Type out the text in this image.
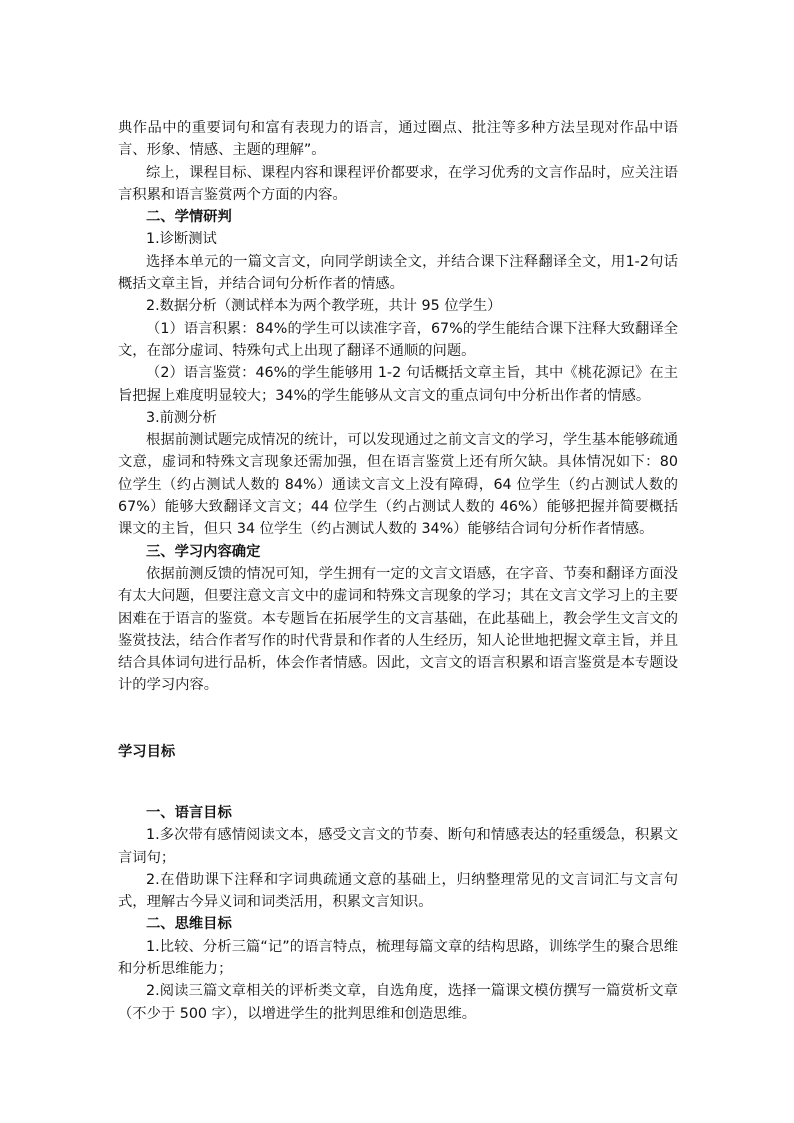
典作品中的重要词句和富有表现力的语言，通过圈点、批注等多种方法呈现对作品中语言、形象、情感、主题的理解”。

综上，课程目标、课程内容和课程评价都要求，在学习优秀的文言作品时，应关注语言积累和语言鉴赏两个方面的内容。

二、学情研判

1.诊断测试

选择本单元的一篇文言文，向同学朗读全文，并结合课下注释翻译全文，用1-2句话概括文章主旨，并结合词句分析作者的情感。

2.数据分析（测试样本为两个教学班，共计 95 位学生）

（1）语言积累：84%的学生可以读准字音，67%的学生能结合课下注释大致翻译全文，在部分虚词、特殊句式上出现了翻译不通顺的问题。

（2）语言鉴赏：46%的学生能够用 1-2 句话概括文章主旨，其中《桃花源记》在主旨把握上难度明显较大；34%的学生能够从文言文的重点词句中分析出作者的情感。

3.前测分析

根据前测试题完成情况的统计，可以发现通过之前文言文的学习，学生基本能够疏通文意，虚词和特殊文言现象还需加强，但在语言鉴赏上还有所欠缺。具体情况如下：80 位学生（约占测试人数的 84%）通读文言文上没有障碍，64 位学生（约占测试人数的 67%）能够大致翻译文言文；44 位学生（约占测试人数的 46%）能够把握并简要概括课文的主旨，但只 34 位学生（约占测试人数的 34%）能够结合词句分析作者情感。

三、学习内容确定

依据前测反馈的情况可知，学生拥有一定的文言文语感，在字音、节奏和翻译方面没有太大问题，但要注意文言文中的虚词和特殊文言现象的学习；其在文言文学习上的主要困难在于语言的鉴赏。本专题旨在拓展学生的文言基础，在此基础上，教会学生文言文的鉴赏技法，结合作者写作的时代背景和作者的人生经历，知人论世地把握文章主旨，并且结合具体词句进行品析，体会作者情感。因此，文言文的语言积累和语言鉴赏是本专题设计的学习内容。

学习目标

一、语言目标

1.多次带有感情阅读文本，感受文言文的节奏、断句和情感表达的轻重缓急，积累文言词句；

2.在借助课下注释和字词典疏通文意的基础上，归纳整理常见的文言词汇与文言句式，理解古今异义词和词类活用，积累文言知识。

二、思维目标

1.比较、分析三篇“记”的语言特点，梳理每篇文章的结构思路，训练学生的聚合思维和分析思维能力；

2.阅读三篇文章相关的评析类文章，自选角度，选择一篇课文模仿撰写一篇赏析文章（不少于 500 字），以增进学生的批判思维和创造思维。
